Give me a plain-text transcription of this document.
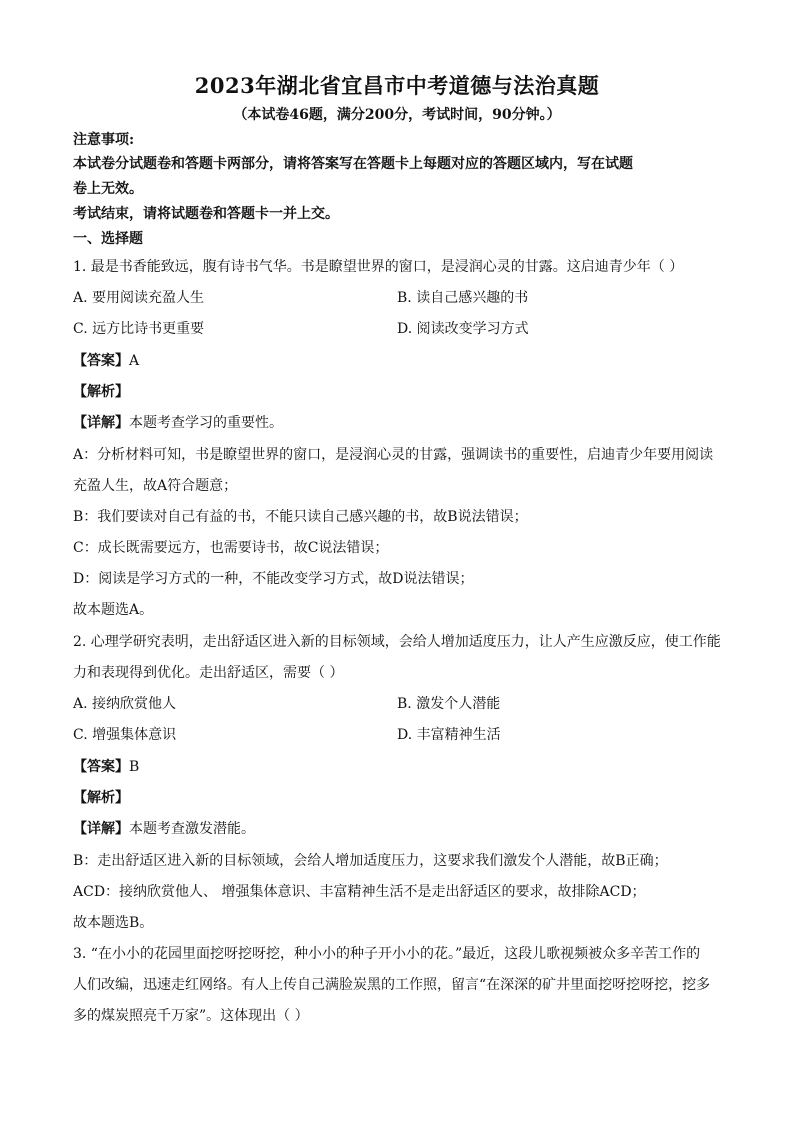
2023年湖北省宜昌市中考道德与法治真题
（本试卷46题，满分200分，考试时间，90分钟。）
注意事项:
本试卷分试题卷和答题卡两部分，请将答案写在答题卡上每题对应的答题区域内，写在试题
卷上无效。
考试结束，请将试题卷和答题卡一并上交。
一、选择题
1. 最是书香能致远，腹有诗书气华。书是瞭望世界的窗口，是浸润心灵的甘露。这启迪青少年（ ）
A. 要用阅读充盈人生	B. 读自己感兴趣的书
C. 远方比诗书更重要	D. 阅读改变学习方式
【答案】A
【解析】
【详解】本题考查学习的重要性。
A：分析材料可知，书是瞭望世界的窗口，是浸润心灵的甘露，强调读书的重要性，启迪青少年要用阅读
充盈人生，故A符合题意；
B：我们要读对自己有益的书，不能只读自己感兴趣的书，故B说法错误；
C：成长既需要远方，也需要诗书，故C说法错误；
D：阅读是学习方式的一种，不能改变学习方式，故D说法错误；
故本题选A。
2. 心理学研究表明，走出舒适区进入新的目标领域，会给人增加适度压力，让人产生应激反应，使工作能
力和表现得到优化。走出舒适区，需要（ ）
A. 接纳欣赏他人	B. 激发个人潜能
C. 增强集体意识	D. 丰富精神生活
【答案】B
【解析】
【详解】本题考查激发潜能。
B：走出舒适区进入新的目标领域，会给人增加适度压力，这要求我们激发个人潜能，故B正确；
ACD：接纳欣赏他人、 增强集体意识、丰富精神生活不是走出舒适区的要求，故排除ACD；
故本题选B。
3. “在小小的花园里面挖呀挖呀挖，种小小的种子开小小的花。”最近，这段儿歌视频被众多辛苦工作的
人们改编，迅速走红网络。有人上传自己满脸炭黑的工作照，留言“在深深的矿井里面挖呀挖呀挖，挖多
多的煤炭照亮千万家”。这体现出（ ）
